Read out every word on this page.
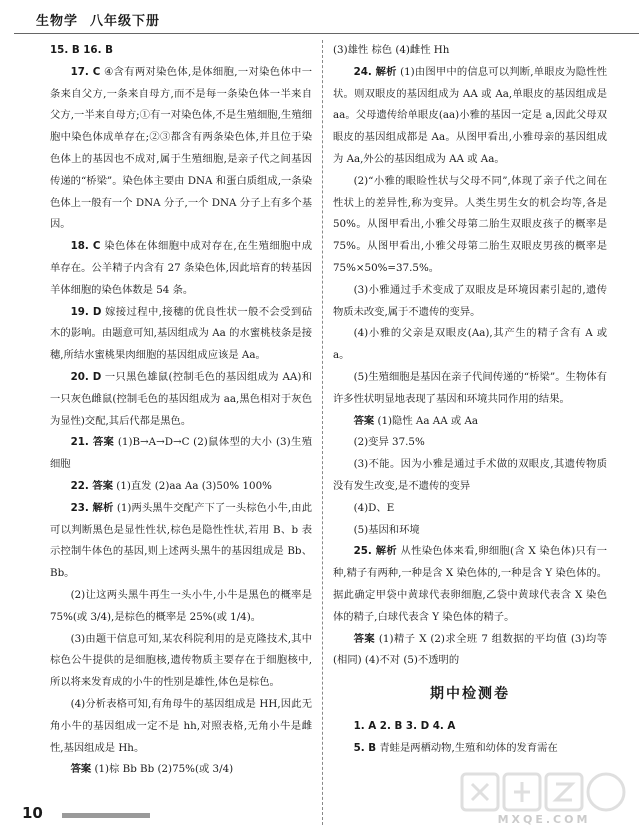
生物学 八年级下册

15. B 16. B

17. C ④含有两对染色体,是体细胞,一对染色体中一条来自父方,一条来自母方,而不是每一条染色体一半来自父方,一半来自母方;①有一对染色体,不是生殖细胞,生殖细胞中染色体成单存在;②③都含有两条染色体,并且位于染色体上的基因也不成对,属于生殖细胞,是亲子代之间基因传递的“桥梁”。染色体主要由 DNA 和蛋白质组成,一条染色体上一般有一个 DNA 分子,一个 DNA 分子上有多个基因。

18. C 染色体在体细胞中成对存在,在生殖细胞中成单存在。公羊精子内含有 27 条染色体,因此培育的转基因羊体细胞的染色体数是 54 条。

19. D 嫁接过程中,接穗的优良性状一般不会受到砧木的影响。由题意可知,基因组成为 Aa 的水蜜桃枝条是接穗,所结水蜜桃果肉细胞的基因组成应该是 Aa。

20. D 一只黑色雄鼠(控制毛色的基因组成为 AA)和一只灰色雌鼠(控制毛色的基因组成为 aa,黑色相对于灰色为显性)交配,其后代都是黑色。

21. 答案 (1)B→A→D→C (2)鼠体型的大小 (3)生殖细胞

22. 答案 (1)直发 (2)aa Aa (3)50% 100%

23. 解析 (1)两头黑牛交配产下了一头棕色小牛,由此可以判断黑色是显性性状,棕色是隐性性状,若用 B、b 表示控制牛体色的基因,则上述两头黑牛的基因组成是 Bb、Bb。

(2)让这两头黑牛再生一头小牛,小牛是黑色的概率是 75%(或 3/4),是棕色的概率是 25%(或 1/4)。

(3)由题干信息可知,某农科院利用的是克隆技术,其中棕色公牛提供的是细胞核,遗传物质主要存在于细胞核中,所以将来发育成的小牛的性别是雄性,体色是棕色。

(4)分析表格可知,有角母牛的基因组成是 HH,因此无角小牛的基因组成一定不是 hh,对照表格,无角小牛是雌性,基因组成是 Hh。

答案 (1)棕 Bb Bb (2)75%(或 3/4)

(3)雄性 棕色 (4)雌性 Hh

24. 解析 (1)由图甲中的信息可以判断,单眼皮为隐性性状。则双眼皮的基因组成为 AA 或 Aa,单眼皮的基因组成是 aa。父母遗传给单眼皮(aa)小雅的基因一定是 a,因此父母双眼皮的基因组成都是 Aa。从图甲看出,小雅母亲的基因组成为 Aa,外公的基因组成为 AA 或 Aa。

(2)“小雅的眼睑性状与父母不同”,体现了亲子代之间在性状上的差异性,称为变异。人类生男生女的机会均等,各是 50%。从图甲看出,小雅父母第二胎生双眼皮孩子的概率是 75%。从图甲看出,小雅父母第二胎生双眼皮男孩的概率是 75%×50%=37.5%。

(3)小雅通过手术变成了双眼皮是环境因素引起的,遗传物质未改变,属于不遗传的变异。

(4)小雅的父亲是双眼皮(Aa),其产生的精子含有 A 或 a。

(5)生殖细胞是基因在亲子代间传递的“桥梁”。生物体有许多性状明显地表现了基因和环境共同作用的结果。

答案 (1)隐性 Aa AA 或 Aa

(2)变异 37.5%

(3)不能。因为小雅是通过手术做的双眼皮,其遗传物质没有发生改变,是不遗传的变异

(4)D、E

(5)基因和环境

25. 解析 从性染色体来看,卵细胞(含 X 染色体)只有一种,精子有两种,一种是含 X 染色体的,一种是含 Y 染色体的。据此确定甲袋中黄球代表卵细胞,乙袋中黄球代表含 X 染色体的精子,白球代表含 Y 染色体的精子。

答案 (1)精子 X (2)求全班 7 组数据的平均值 (3)均等(相同) (4)不对 (5)不透明的

期中检测卷

1. A 2. B 3. D 4. A

5. B 青蛙是两栖动物,生殖和幼体的发育需在

10	MXQE.COM
